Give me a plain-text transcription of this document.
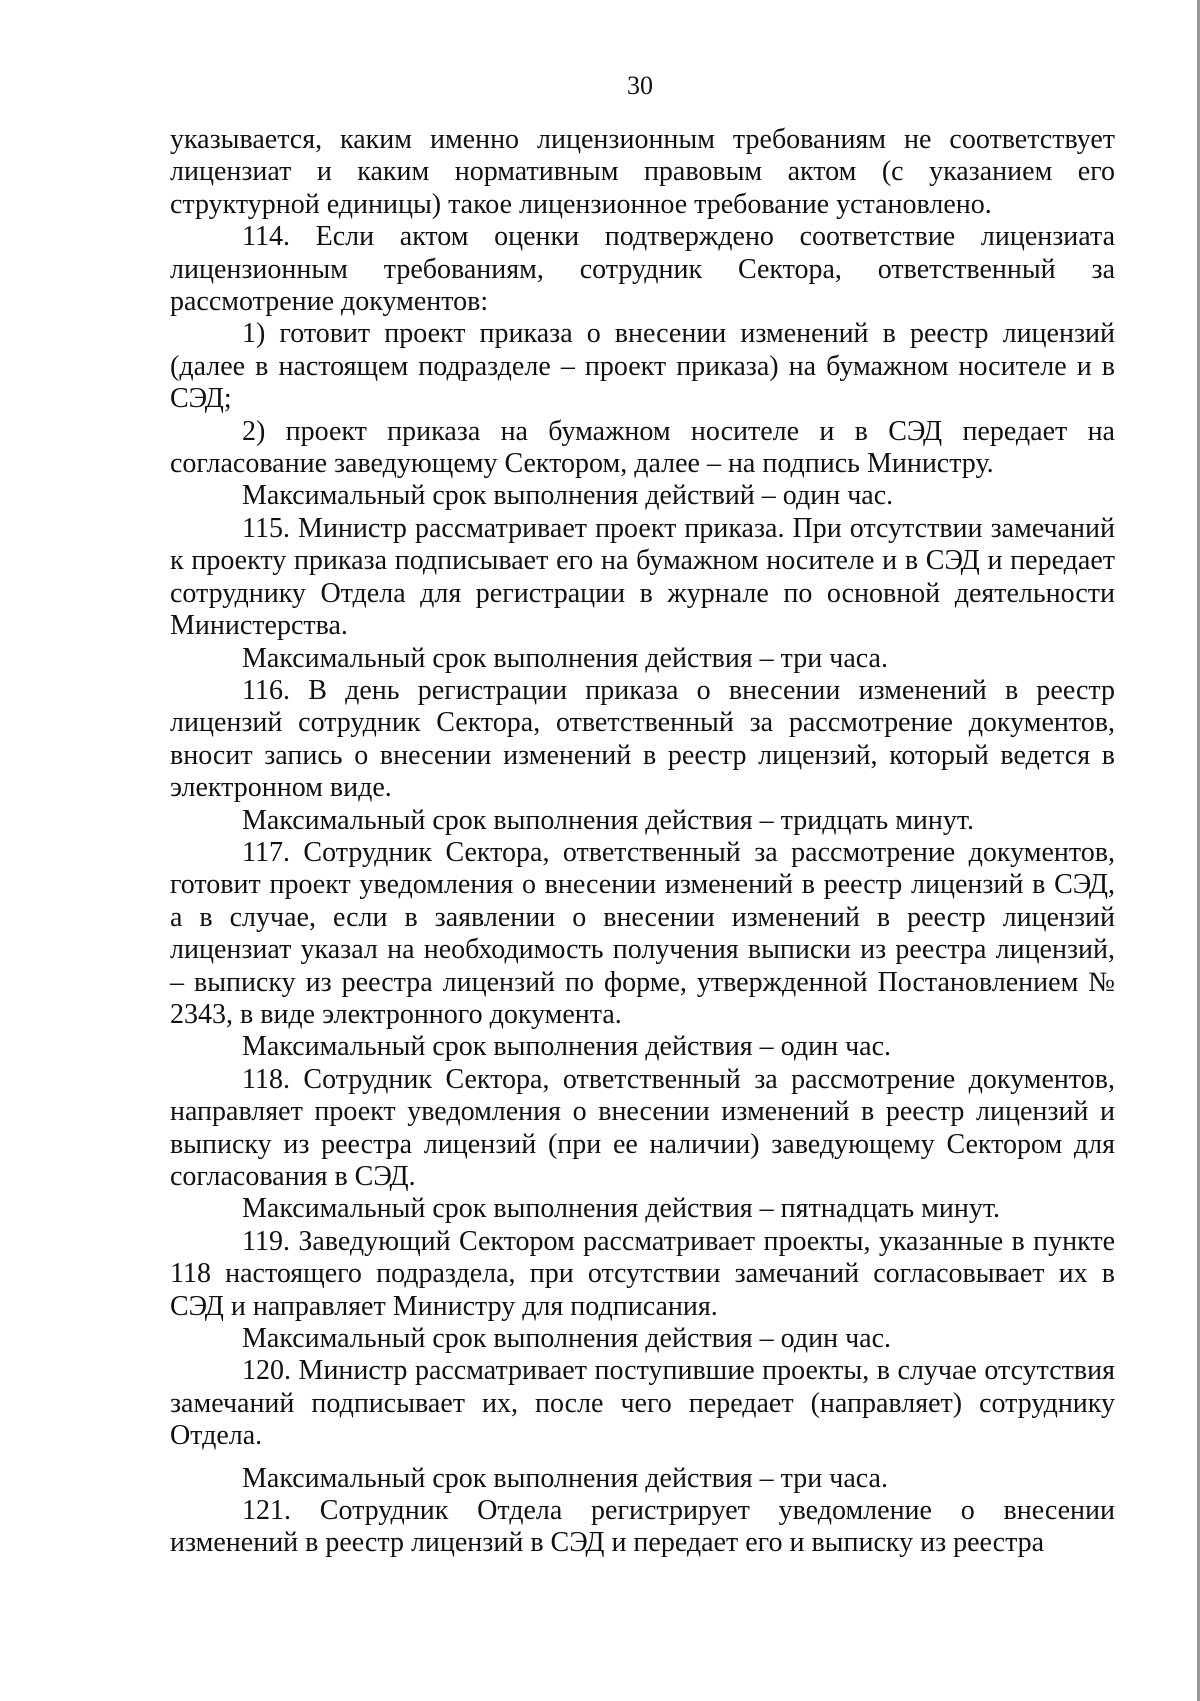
30

указывается, каким именно лицензионным требованиям не соответствует лицензиат и каким нормативным правовым актом (с указанием его структурной единицы) такое лицензионное требование установлено.

114. Если актом оценки подтверждено соответствие лицензиата лицензионным требованиям, сотрудник Сектора, ответственный за рассмотрение документов:

1) готовит проект приказа о внесении изменений в реестр лицензий (далее в настоящем подразделе – проект приказа) на бумажном носителе и в СЭД;

2) проект приказа на бумажном носителе и в СЭД передает на согласование заведующему Сектором, далее – на подпись Министру.

Максимальный срок выполнения действий – один час.

115. Министр рассматривает проект приказа. При отсутствии замечаний к проекту приказа подписывает его на бумажном носителе и в СЭД и передает сотруднику Отдела для регистрации в журнале по основной деятельности Министерства.

Максимальный срок выполнения действия – три часа.

116. В день регистрации приказа о внесении изменений в реестр лицензий сотрудник Сектора, ответственный за рассмотрение документов, вносит запись о внесении изменений в реестр лицензий, который ведется в электронном виде.

Максимальный срок выполнения действия – тридцать минут.

117. Сотрудник Сектора, ответственный за рассмотрение документов, готовит проект уведомления о внесении изменений в реестр лицензий в СЭД, а в случае, если в заявлении о внесении изменений в реестр лицензий лицензиат указал на необходимость получения выписки из реестра лицензий, – выписку из реестра лицензий по форме, утвержденной Постановлением № 2343, в виде электронного документа.

Максимальный срок выполнения действия – один час.

118. Сотрудник Сектора, ответственный за рассмотрение документов, направляет проект уведомления о внесении изменений в реестр лицензий и выписку из реестра лицензий (при ее наличии) заведующему Сектором для согласования в СЭД.

Максимальный срок выполнения действия – пятнадцать минут.

119. Заведующий Сектором рассматривает проекты, указанные в пункте 118 настоящего подраздела, при отсутствии замечаний согласовывает их в СЭД и направляет Министру для подписания.

Максимальный срок выполнения действия – один час.

120. Министр рассматривает поступившие проекты, в случае отсутствия замечаний подписывает их, после чего передает (направляет) сотруднику Отдела.

Максимальный срок выполнения действия – три часа.

121. Сотрудник Отдела регистрирует уведомление о внесении изменений в реестр лицензий в СЭД и передает его и выписку из реестра
